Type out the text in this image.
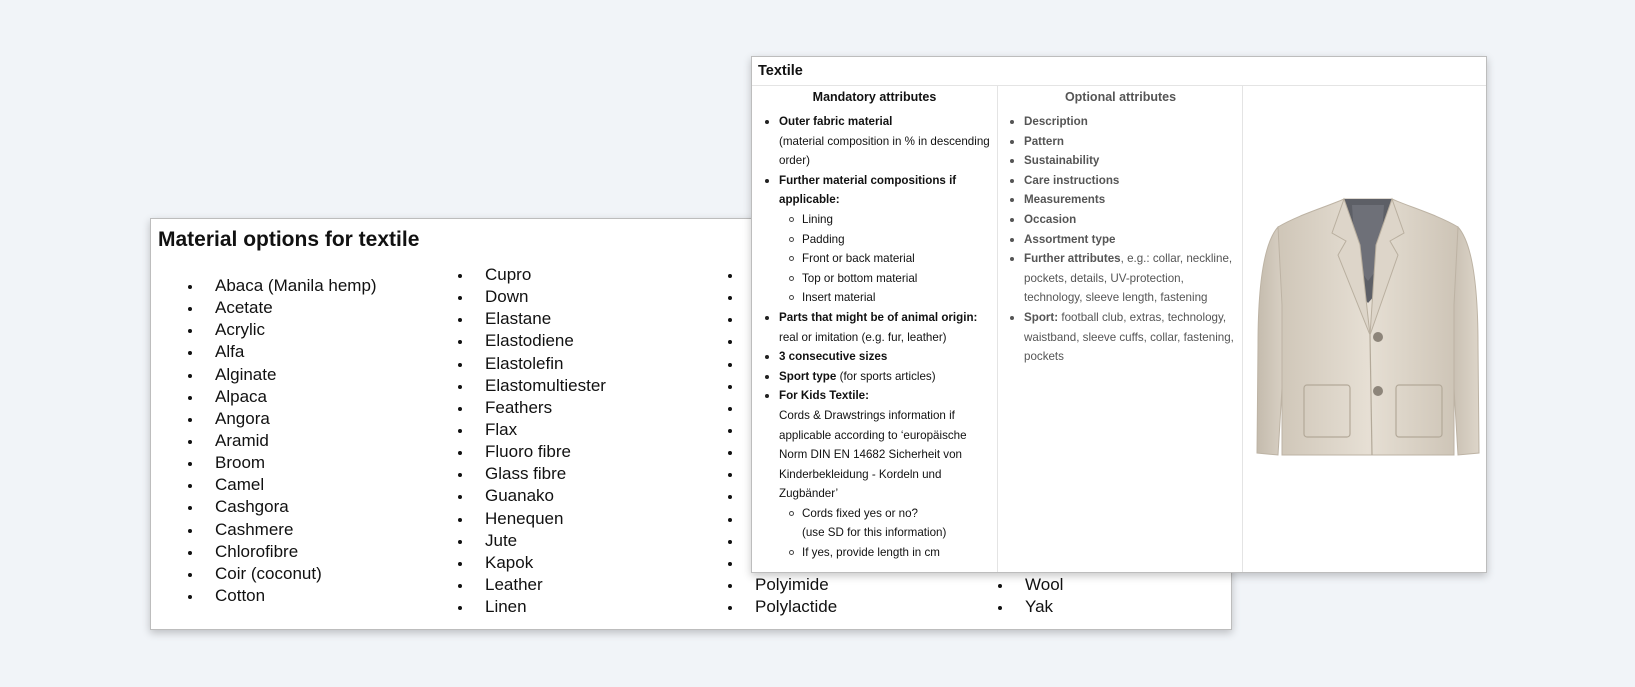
Material options for textile
Abaca (Manila hemp)
Acetate
Acrylic
Alfa
Alginate
Alpaca
Angora
Aramid
Broom
Camel
Cashgora
Cashmere
Chlorofibre
Coir (coconut)
Cotton
Cupro
Down
Elastane
Elastodiene
Elastolefin
Elastomultiester
Feathers
Flax
Fluoro fibre
Glass fibre
Guanako
Henequen
Jute
Kapok
Leather
Linen
Polyimide
Polylactide
Wool
Yak
Textile
Mandatory attributes	Optional attributes
Outer fabric material
(material composition in % in descending order)
Further material compositions if applicable:
Lining
Padding
Front or back material
Top or bottom material
Insert material
Parts that might be of animal origin:
real or imitation (e.g. fur, leather)
3 consecutive sizes
Sport type (for sports articles)
For Kids Textile:
Cords & Drawstrings information if applicable according to ‘europäische Norm DIN EN 14682 Sicherheit von Kinderbekleidung - Kordeln und Zugbänder’
Cords fixed yes or no?
(use SD for this information)
If yes, provide length in cm
Description
Pattern
Sustainability
Care instructions
Measurements
Occasion
Assortment type
Further attributes, e.g.: collar, neckline, pockets, details, UV-protection, technology, sleeve length, fastening
Sport: football club, extras, technology, waistband, sleeve cuffs, collar, fastening, pockets
